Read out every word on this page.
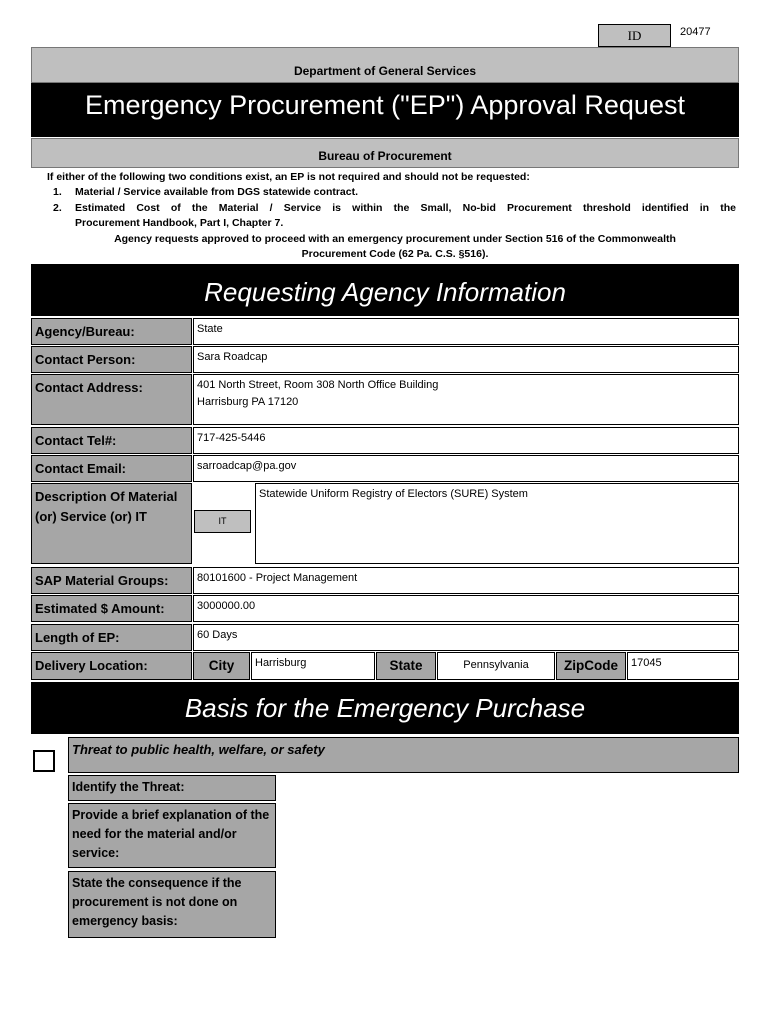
ID	20477
Department of General Services
Emergency Procurement ("EP") Approval Request
Bureau of Procurement
If either of the following two conditions exist, an EP is not required and should not be requested:
1. Material / Service available from DGS statewide contract.
2. Estimated Cost of the Material / Service is within the Small, No-bid Procurement threshold identified in the
Procurement Handbook, Part I, Chapter 7.
Agency requests approved to proceed with an emergency procurement under Section 516 of the Commonwealth
Procurement Code (62 Pa. C.S. §516).
Requesting Agency Information
Agency/Bureau:	State
Contact Person:	Sara Roadcap
Contact Address:	401 North Street, Room 308 North Office Building
Harrisburg PA 17120
Contact Tel#:	717-425-5446
Contact Email:	sarroadcap@pa.gov
Description Of Material (or) Service (or) IT	IT
Statewide Uniform Registry of Electors (SURE) System
SAP Material Groups:	80101600 - Project Management
Estimated $ Amount:	3000000.00
Length of EP:	60 Days
Delivery Location:	City	Harrisburg	State	Pennsylvania	ZipCode	17045
Basis for the Emergency Purchase
Threat to public health, welfare, or safety
Identify the Threat:
Provide a brief explanation of the need for the material and/or service:
State the consequence if the procurement is not done on emergency basis:
